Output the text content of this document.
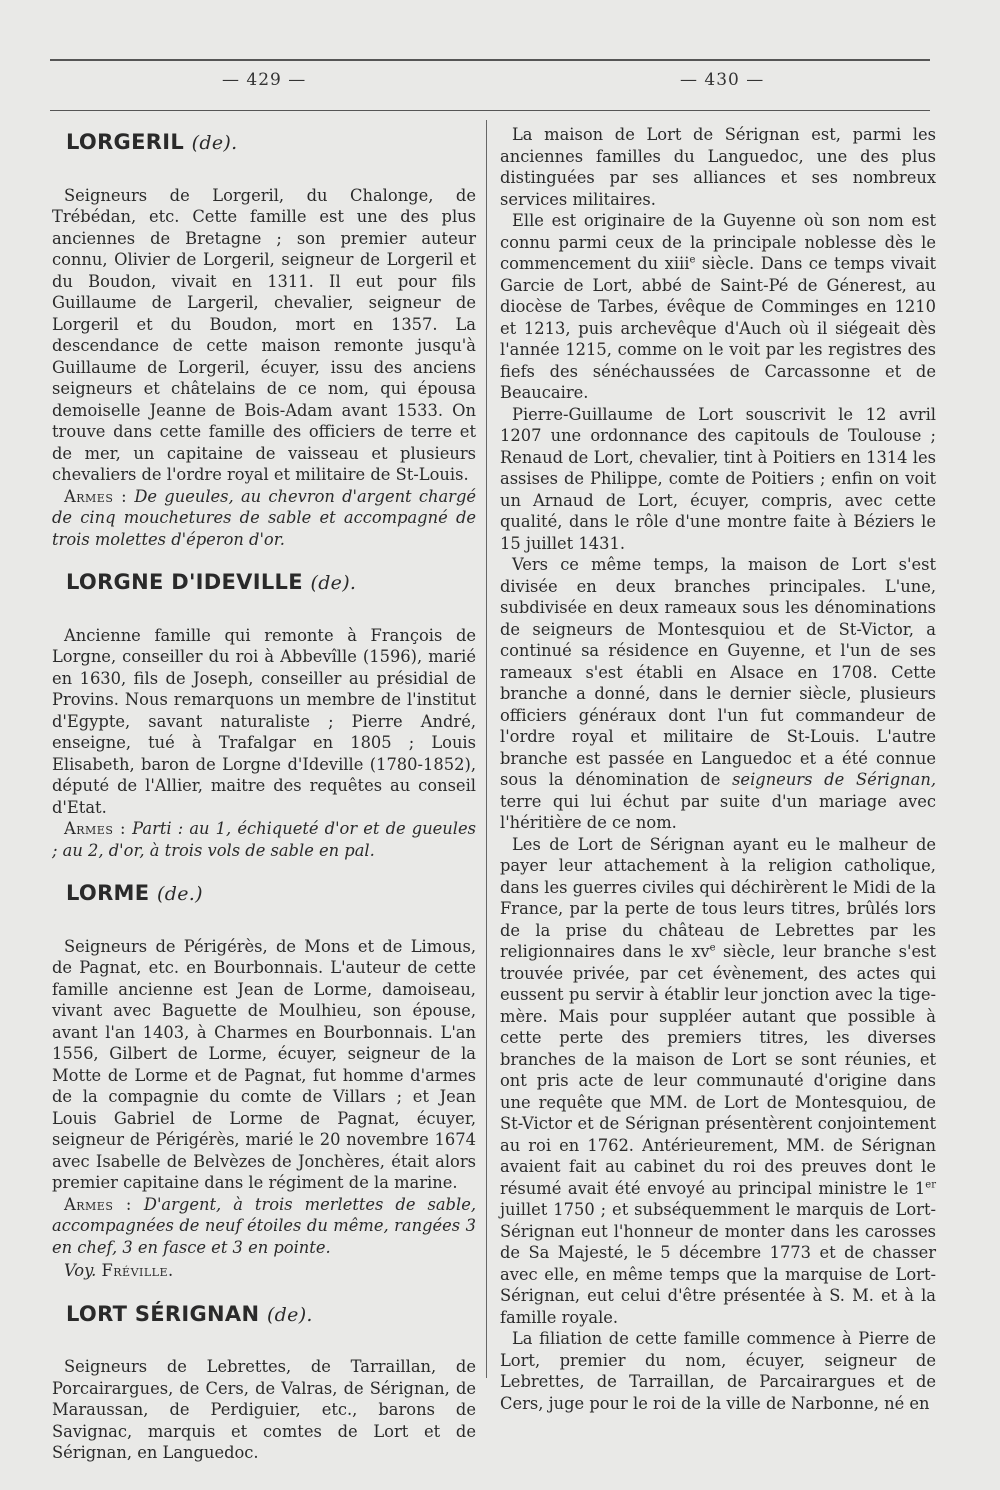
— 429 —	— 430 —
LORGERIL (de).

Seigneurs de Lorgeril, du Chalonge, de Trébédan, etc. Cette famille est une des plus anciennes de Bretagne ; son premier auteur connu, Olivier de Lorgeril, seigneur de Lorgeril et du Boudon, vivait en 1311. Il eut pour fils Guillaume de Largeril, chevalier, seigneur de Lorgeril et du Boudon, mort en 1357. La descendance de cette maison remonte jusqu'à Guillaume de Lorgeril, écuyer, issu des anciens seigneurs et châtelains de ce nom, qui épousa demoiselle Jeanne de Bois-Adam avant 1533. On trouve dans cette famille des officiers de terre et de mer, un capitaine de vaisseau et plusieurs chevaliers de l'ordre royal et militaire de St-Louis.

Armes : De gueules, au chevron d'argent chargé de cinq mouchetures de sable et accompagné de trois molettes d'éperon d'or.

LORGNE D'IDEVILLE (de).

Ancienne famille qui remonte à François de Lorgne, conseiller du roi à Abbevîlle (1596), marié en 1630, fils de Joseph, conseiller au présidial de Provins. Nous remarquons un membre de l'institut d'Egypte, savant naturaliste ; Pierre André, enseigne, tué à Trafalgar en 1805 ; Louis Elisabeth, baron de Lorgne d'Ideville (1780-1852), député de l'Allier, maitre des requêtes au conseil d'Etat.

Armes : Parti : au 1, échiqueté d'or et de gueules ; au 2, d'or, à trois vols de sable en pal.

LORME (de.)

Seigneurs de Périgérès, de Mons et de Limous, de Pagnat, etc. en Bourbonnais. L'auteur de cette famille ancienne est Jean de Lorme, damoiseau, vivant avec Baguette de Moulhieu, son épouse, avant l'an 1403, à Charmes en Bourbonnais. L'an 1556, Gilbert de Lorme, écuyer, seigneur de la Motte de Lorme et de Pagnat, fut homme d'armes de la compagnie du comte de Villars ; et Jean Louis Gabriel de Lorme de Pagnat, écuyer, seigneur de Périgérès, marié le 20 novembre 1674 avec Isabelle de Belvèzes de Jonchères, était alors premier capitaine dans le régiment de la marine.

Armes : D'argent, à trois merlettes de sable, accompagnées de neuf étoiles du même, rangées 3 en chef, 3 en fasce et 3 en pointe.

Voy. Fréville.

LORT SÉRIGNAN (de).

Seigneurs de Lebrettes, de Tarraillan, de Porcairargues, de Cers, de Valras, de Sérignan, de Maraussan, de Perdiguier, etc., barons de Savignac, marquis et comtes de Lort et de Sérignan, en Languedoc.

La maison de Lort de Sérignan est, parmi les anciennes familles du Languedoc, une des plus distinguées par ses alliances et ses nombreux services militaires.

Elle est originaire de la Guyenne où son nom est connu parmi ceux de la principale noblesse dès le commencement du xiii$^e$ siècle. Dans ce temps vivait Garcie de Lort, abbé de Saint-Pé de Génerest, au diocèse de Tarbes, évêque de Comminges en 1210 et 1213, puis archevêque d'Auch où il siégeait dès l'année 1215, comme on le voit par les registres des fiefs des sénéchaussées de Carcassonne et de Beaucaire.

Pierre-Guillaume de Lort souscrivit le 12 avril 1207 une ordonnance des capitouls de Toulouse ; Renaud de Lort, chevalier, tint à Poitiers en 1314 les assises de Philippe, comte de Poitiers ; enfin on voit un Arnaud de Lort, écuyer, compris, avec cette qualité, dans le rôle d'une montre faite à Béziers le 15 juillet 1431.

Vers ce même temps, la maison de Lort s'est divisée en deux branches principales. L'une, subdivisée en deux rameaux sous les dénominations de seigneurs de Montesquiou et de St-Victor, a continué sa résidence en Guyenne, et l'un de ses rameaux s'est établi en Alsace en 1708. Cette branche a donné, dans le dernier siècle, plusieurs officiers généraux dont l'un fut commandeur de l'ordre royal et militaire de St-Louis. L'autre branche est passée en Languedoc et a été connue sous la dénomination de seigneurs de Sérignan, terre qui lui échut par suite d'un mariage avec l'héritière de ce nom.

Les de Lort de Sérignan ayant eu le malheur de payer leur attachement à la religion catholique, dans les guerres civiles qui déchirèrent le Midi de la France, par la perte de tous leurs titres, brûlés lors de la prise du château de Lebrettes par les religionnaires dans le $xv^e$ siècle, leur branche s'est trouvée privée, par cet évènement, des actes qui eussent pu servir à établir leur jonction avec la tige-mère. Mais pour suppléer autant que possible à cette perte des premiers titres, les diverses branches de la maison de Lort se sont réunies, et ont pris acte de leur communauté d'origine dans une requête que MM. de Lort de Montesquiou, de St-Victor et de Sérignan présentèrent conjointement au roi en 1762. Antérieurement, MM. de Sérignan avaient fait au cabinet du roi des preuves dont le résumé avait été envoyé au principal ministre le 1er juillet 1750 ; et subséquemment le marquis de Lort-Sérignan eut l'honneur de monter dans les carosses de Sa Majesté, le 5 décembre 1773 et de chasser avec elle, en même temps que la marquise de Lort-Sérignan, eut celui d'être présentée à S. M. et à la famille royale.

La filiation de cette famille commence à Pierre de Lort, premier du nom, écuyer, seigneur de Lebrettes, de Tarraillan, de Parcairargues et de Cers, juge pour le roi de la ville de Narbonne, né en
